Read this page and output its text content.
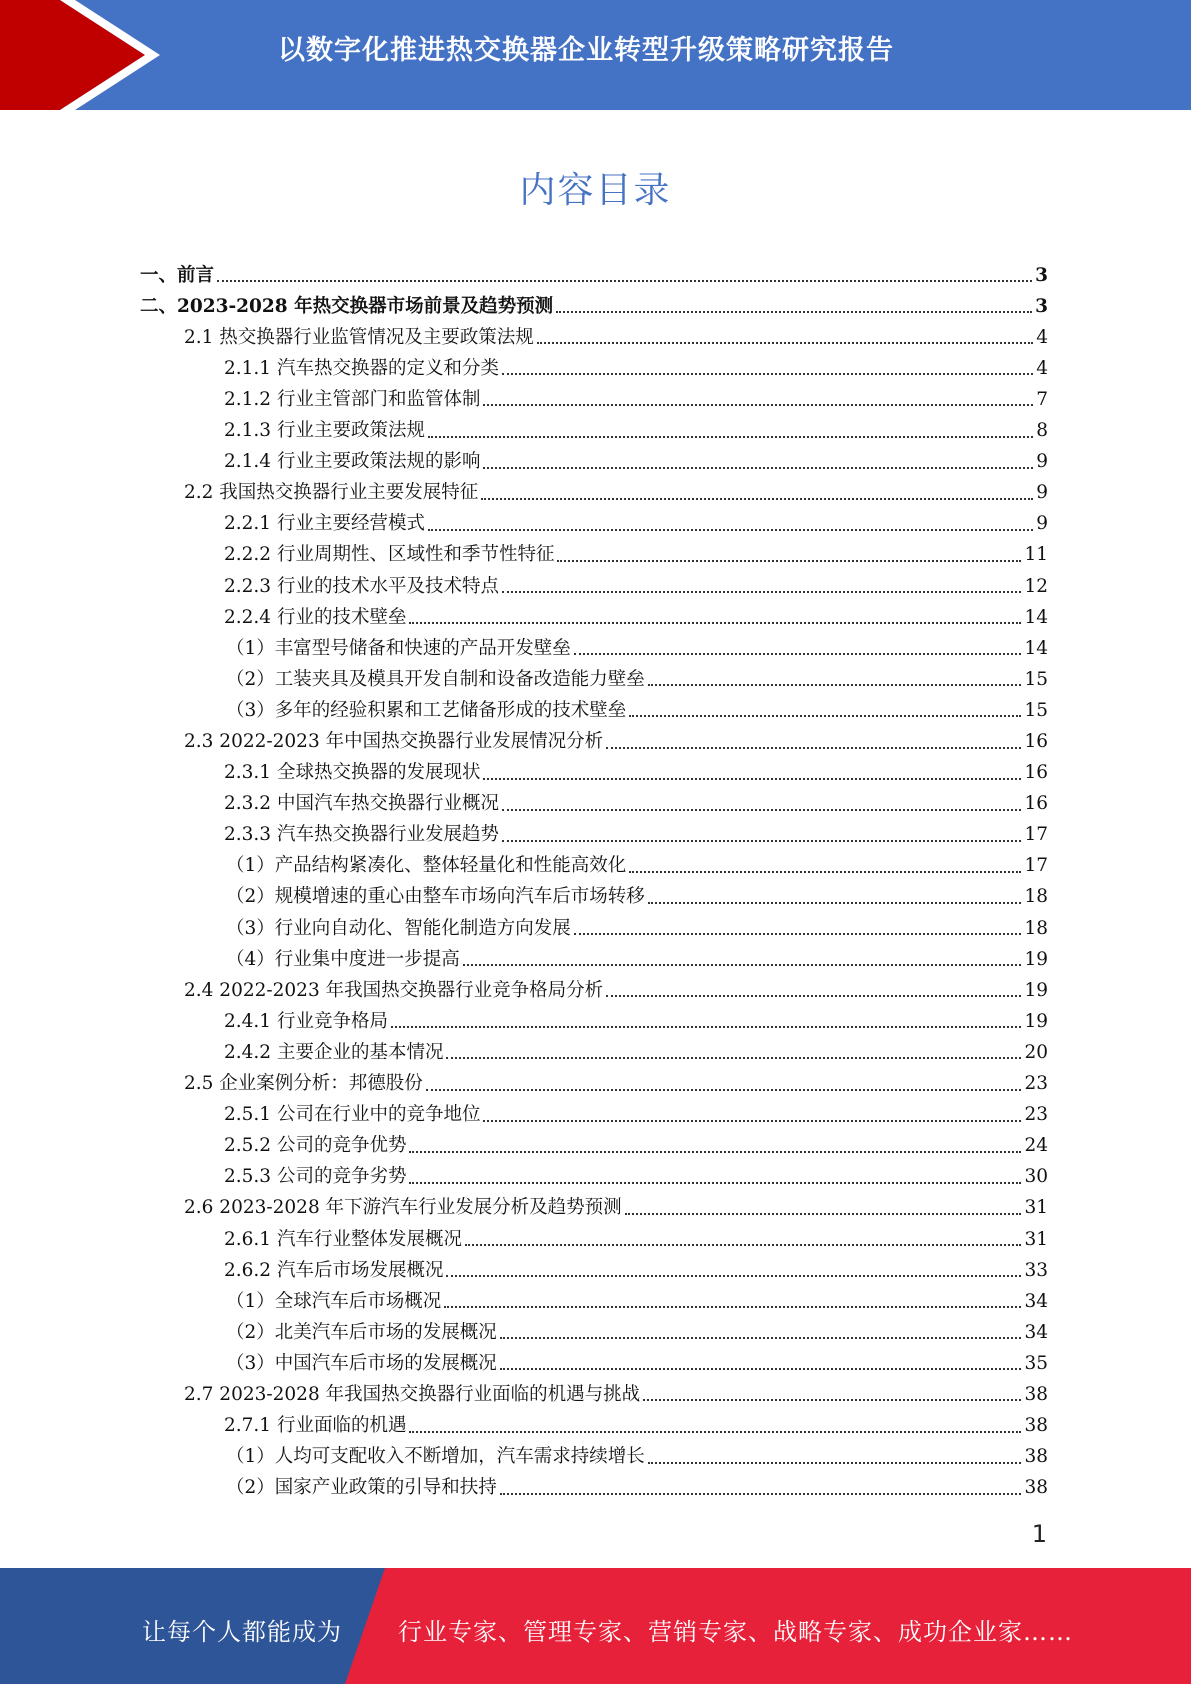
以数字化推进热交换器企业转型升级策略研究报告
内容目录
一、前言	3
二、2023-2028 年热交换器市场前景及趋势预测	3
2.1 热交换器行业监管情况及主要政策法规	4
2.1.1 汽车热交换器的定义和分类	4
2.1.2 行业主管部门和监管体制	7
2.1.3 行业主要政策法规	8
2.1.4 行业主要政策法规的影响	9
2.2 我国热交换器行业主要发展特征	9
2.2.1 行业主要经营模式	9
2.2.2 行业周期性、区域性和季节性特征	11
2.2.3 行业的技术水平及技术特点	12
2.2.4 行业的技术壁垒	14
（1）丰富型号储备和快速的产品开发壁垒	14
（2）工装夹具及模具开发自制和设备改造能力壁垒	15
（3）多年的经验积累和工艺储备形成的技术壁垒	15
2.3 2022-2023 年中国热交换器行业发展情况分析	16
2.3.1 全球热交换器的发展现状	16
2.3.2 中国汽车热交换器行业概况	16
2.3.3 汽车热交换器行业发展趋势	17
（1）产品结构紧凑化、整体轻量化和性能高效化	17
（2）规模增速的重心由整车市场向汽车后市场转移	18
（3）行业向自动化、智能化制造方向发展	18
（4）行业集中度进一步提高	19
2.4 2022-2023 年我国热交换器行业竞争格局分析	19
2.4.1 行业竞争格局	19
2.4.2 主要企业的基本情况	20
2.5 企业案例分析：邦德股份	23
2.5.1 公司在行业中的竞争地位	23
2.5.2 公司的竞争优势	24
2.5.3 公司的竞争劣势	30
2.6 2023-2028 年下游汽车行业发展分析及趋势预测	31
2.6.1 汽车行业整体发展概况	31
2.6.2 汽车后市场发展概况	33
（1）全球汽车后市场概况	34
（2）北美汽车后市场的发展概况	34
（3）中国汽车后市场的发展概况	35
2.7 2023-2028 年我国热交换器行业面临的机遇与挑战	38
2.7.1 行业面临的机遇	38
（1）人均可支配收入不断增加，汽车需求持续增长	38
（2）国家产业政策的引导和扶持	38
1
让每个人都能成为 行业专家、管理专家、营销专家、战略专家、成功企业家……
